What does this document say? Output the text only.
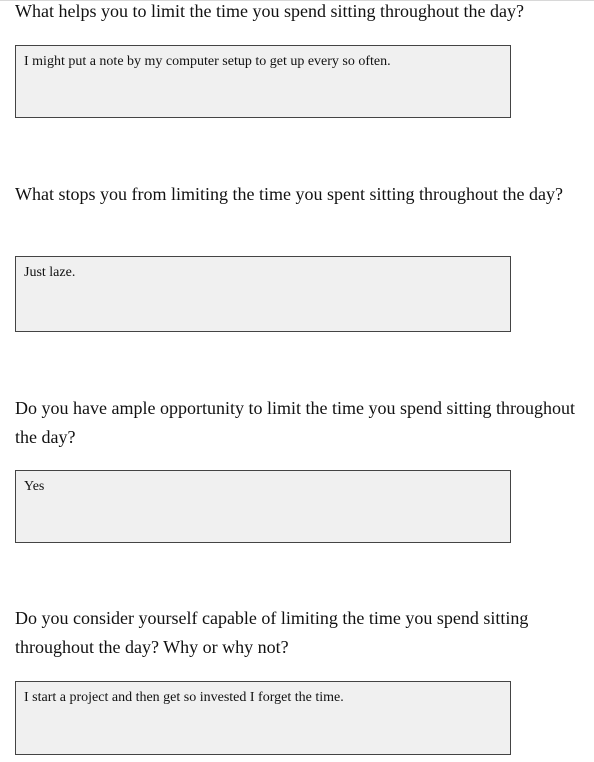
What helps you to limit the time you spend sitting throughout the day?

I might put a note by my computer setup to get up every so often.

What stops you from limiting the time you spent sitting throughout the day?

Just laze.

Do you have ample opportunity to limit the time you spend sitting throughout the day?

Yes

Do you consider yourself capable of limiting the time you spend sitting throughout the day? Why or why not?

I start a project and then get so invested I forget the time.
